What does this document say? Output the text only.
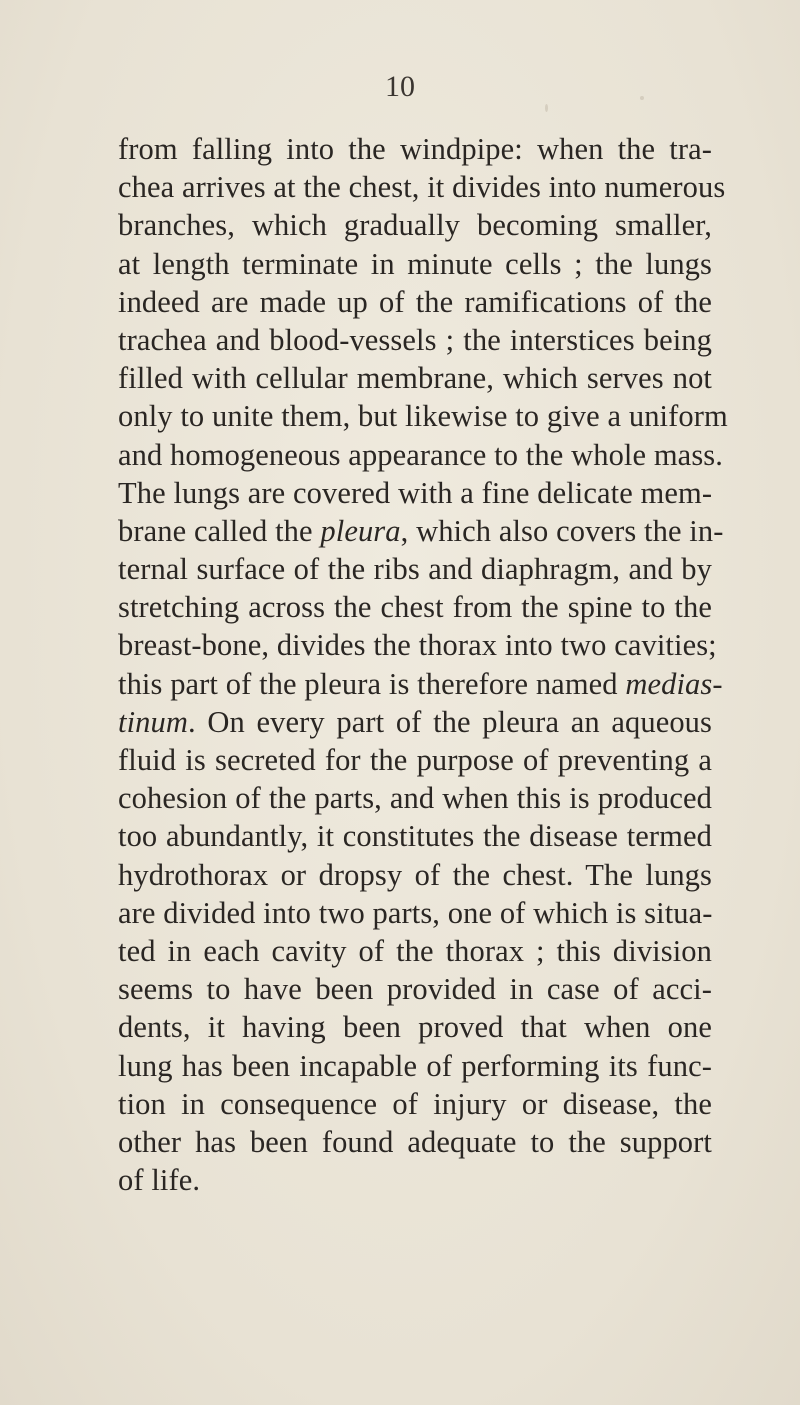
10
from falling into the windpipe: when the tra-
chea arrives at the chest, it divides into numerous
branches, which gradually becoming smaller,
at length terminate in minute cells ; the lungs
indeed are made up of the ramifications of the
trachea and blood-vessels ; the interstices being
filled with cellular membrane, which serves not
only to unite them, but likewise to give a uniform
and homogeneous appearance to the whole mass.
The lungs are covered with a fine delicate mem-
brane called the pleura, which also covers the in-
ternal surface of the ribs and diaphragm, and by
stretching across the chest from the spine to the
breast-bone, divides the thorax into two cavities;
this part of the pleura is therefore named medias-
tinum. On every part of the pleura an aqueous
fluid is secreted for the purpose of preventing a
cohesion of the parts, and when this is produced
too abundantly, it constitutes the disease termed
hydrothorax or dropsy of the chest. The lungs
are divided into two parts, one of which is situa-
ted in each cavity of the thorax ; this division
seems to have been provided in case of acci-
dents, it having been proved that when one
lung has been incapable of performing its func-
tion in consequence of injury or disease, the
other has been found adequate to the support
of life.
